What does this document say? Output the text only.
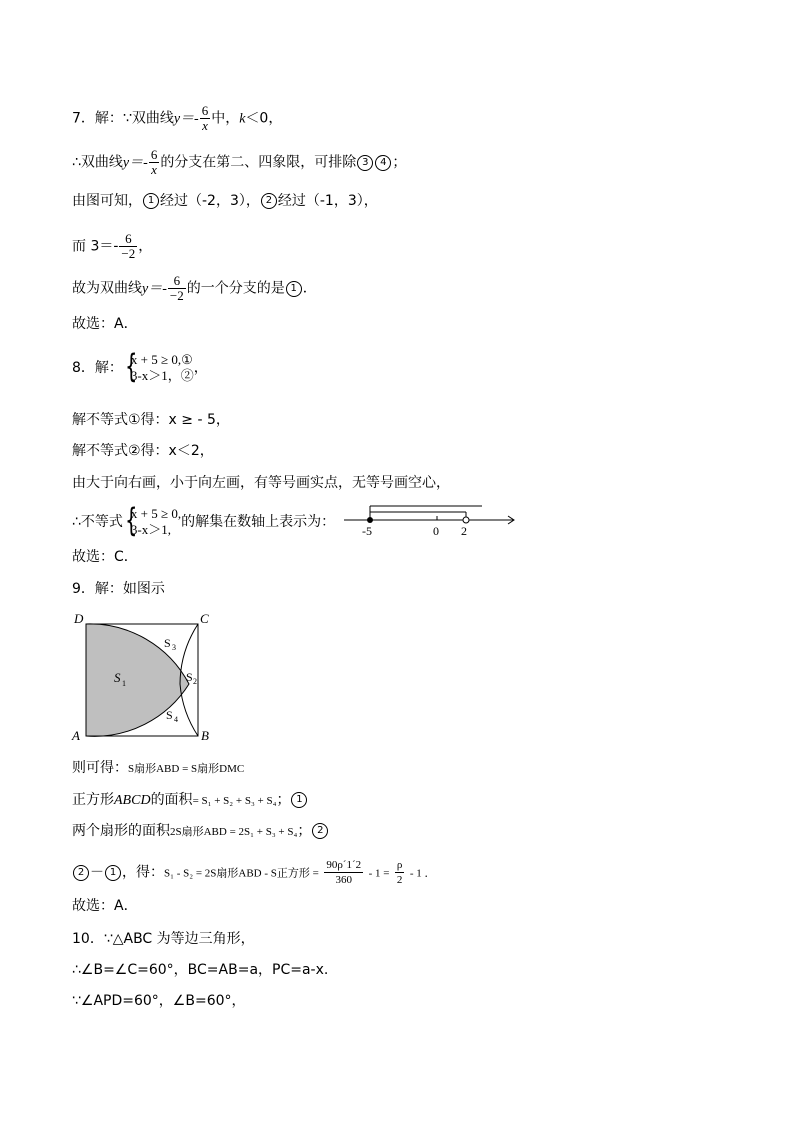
7．解：∵双曲线$y=- \frac{6}{x}$ 中，k＜0，
∴双曲线$y=- \frac{6}{x}$ 的分支在第二、四象限，可排除 3 4 ；
由图可知， 1 经过（-2，3）， 2 经过（-1，3），
而 $3=- \frac{6}{-2}$ ，
故为双曲线$y=- \frac{6}{-2}$ 的一个分支的是 1 ．
故选：A．
8．解：
{ x + 5 ≥ 0,①
3-x＞1，② ，
解不等式①得：x ≥ - 5，
解不等式②得：x＜2，
由大于向右画，小于向左画，有等号画实点，无等号画空心，
∴不等式
{ x + 5 ≥ 0,
3-x＞1, 的解集在数轴上表示为：
-5	0 2
故选：C．
9．解：如图示
D	C
A	B
S 1	S 2
S 3
S 4
则可得：S扇形ABD = S扇形DMC
正方形ABCD的面积= S₁ + S₂ + S₃ + S₄； 1
两个扇形的面积2S扇形ABD = 2S₁ + S₃ + S₄； 2
2 － 1 ，得：S₁ - S₂ = 2S扇形ABD - S正方形 = $\frac{90\rho´1´2}{360} - 1 = \frac{\rho}{2} - 1$ ．
故选：A．
10．∵△ABC 为等边三角形，
∴∠B=∠C=60°，BC=AB=a，PC=a-x.
∵∠APD=60°，∠B=60°，
